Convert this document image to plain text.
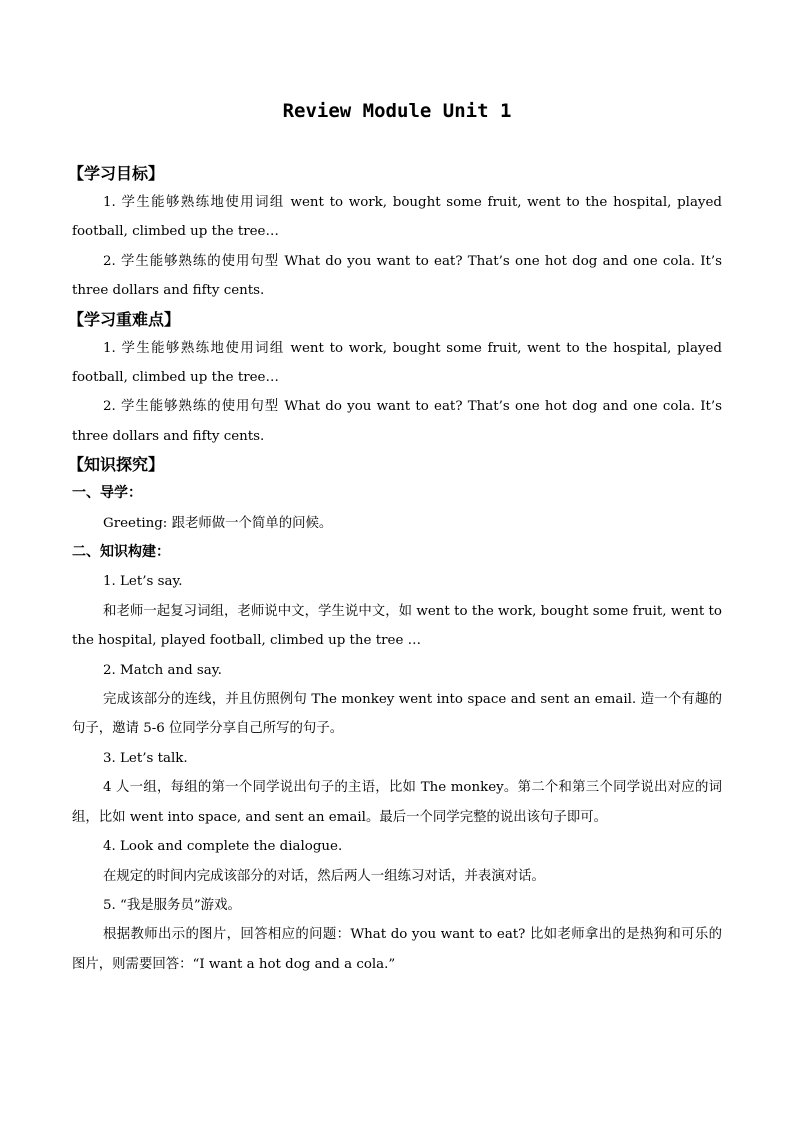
Review Module Unit 1
【学习目标】
1. 学生能够熟练地使用词组 went to work, bought some fruit, went to the hospital, played football, climbed up the tree…
2. 学生能够熟练的使用句型 What do you want to eat? That’s one hot dog and one cola. It’s three dollars and fifty cents.
【学习重难点】
1. 学生能够熟练地使用词组 went to work, bought some fruit, went to the hospital, played football, climbed up the tree…
2. 学生能够熟练的使用句型 What do you want to eat? That’s one hot dog and one cola. It’s three dollars and fifty cents.
【知识探究】
一、导学：
Greeting: 跟老师做一个简单的问候。
二、知识构建：
1. Let’s say.
和老师一起复习词组，老师说中文，学生说中文，如 went to the work, bought some fruit, went to the hospital, played football, climbed up the tree …
2. Match and say.
完成该部分的连线，并且仿照例句 The monkey went into space and sent an email. 造一个有趣的句子，邀请 5-6 位同学分享自己所写的句子。
3. Let’s talk.
4 人一组，每组的第一个同学说出句子的主语，比如 The monkey。第二个和第三个同学说出对应的词组，比如 went into space, and sent an email。最后一个同学完整的说出该句子即可。
4. Look and complete the dialogue.
在规定的时间内完成该部分的对话，然后两人一组练习对话，并表演对话。
5. “我是服务员”游戏。
根据教师出示的图片，回答相应的问题：What do you want to eat? 比如老师拿出的是热狗和可乐的图片，则需要回答：“I want a hot dog and a cola.”
